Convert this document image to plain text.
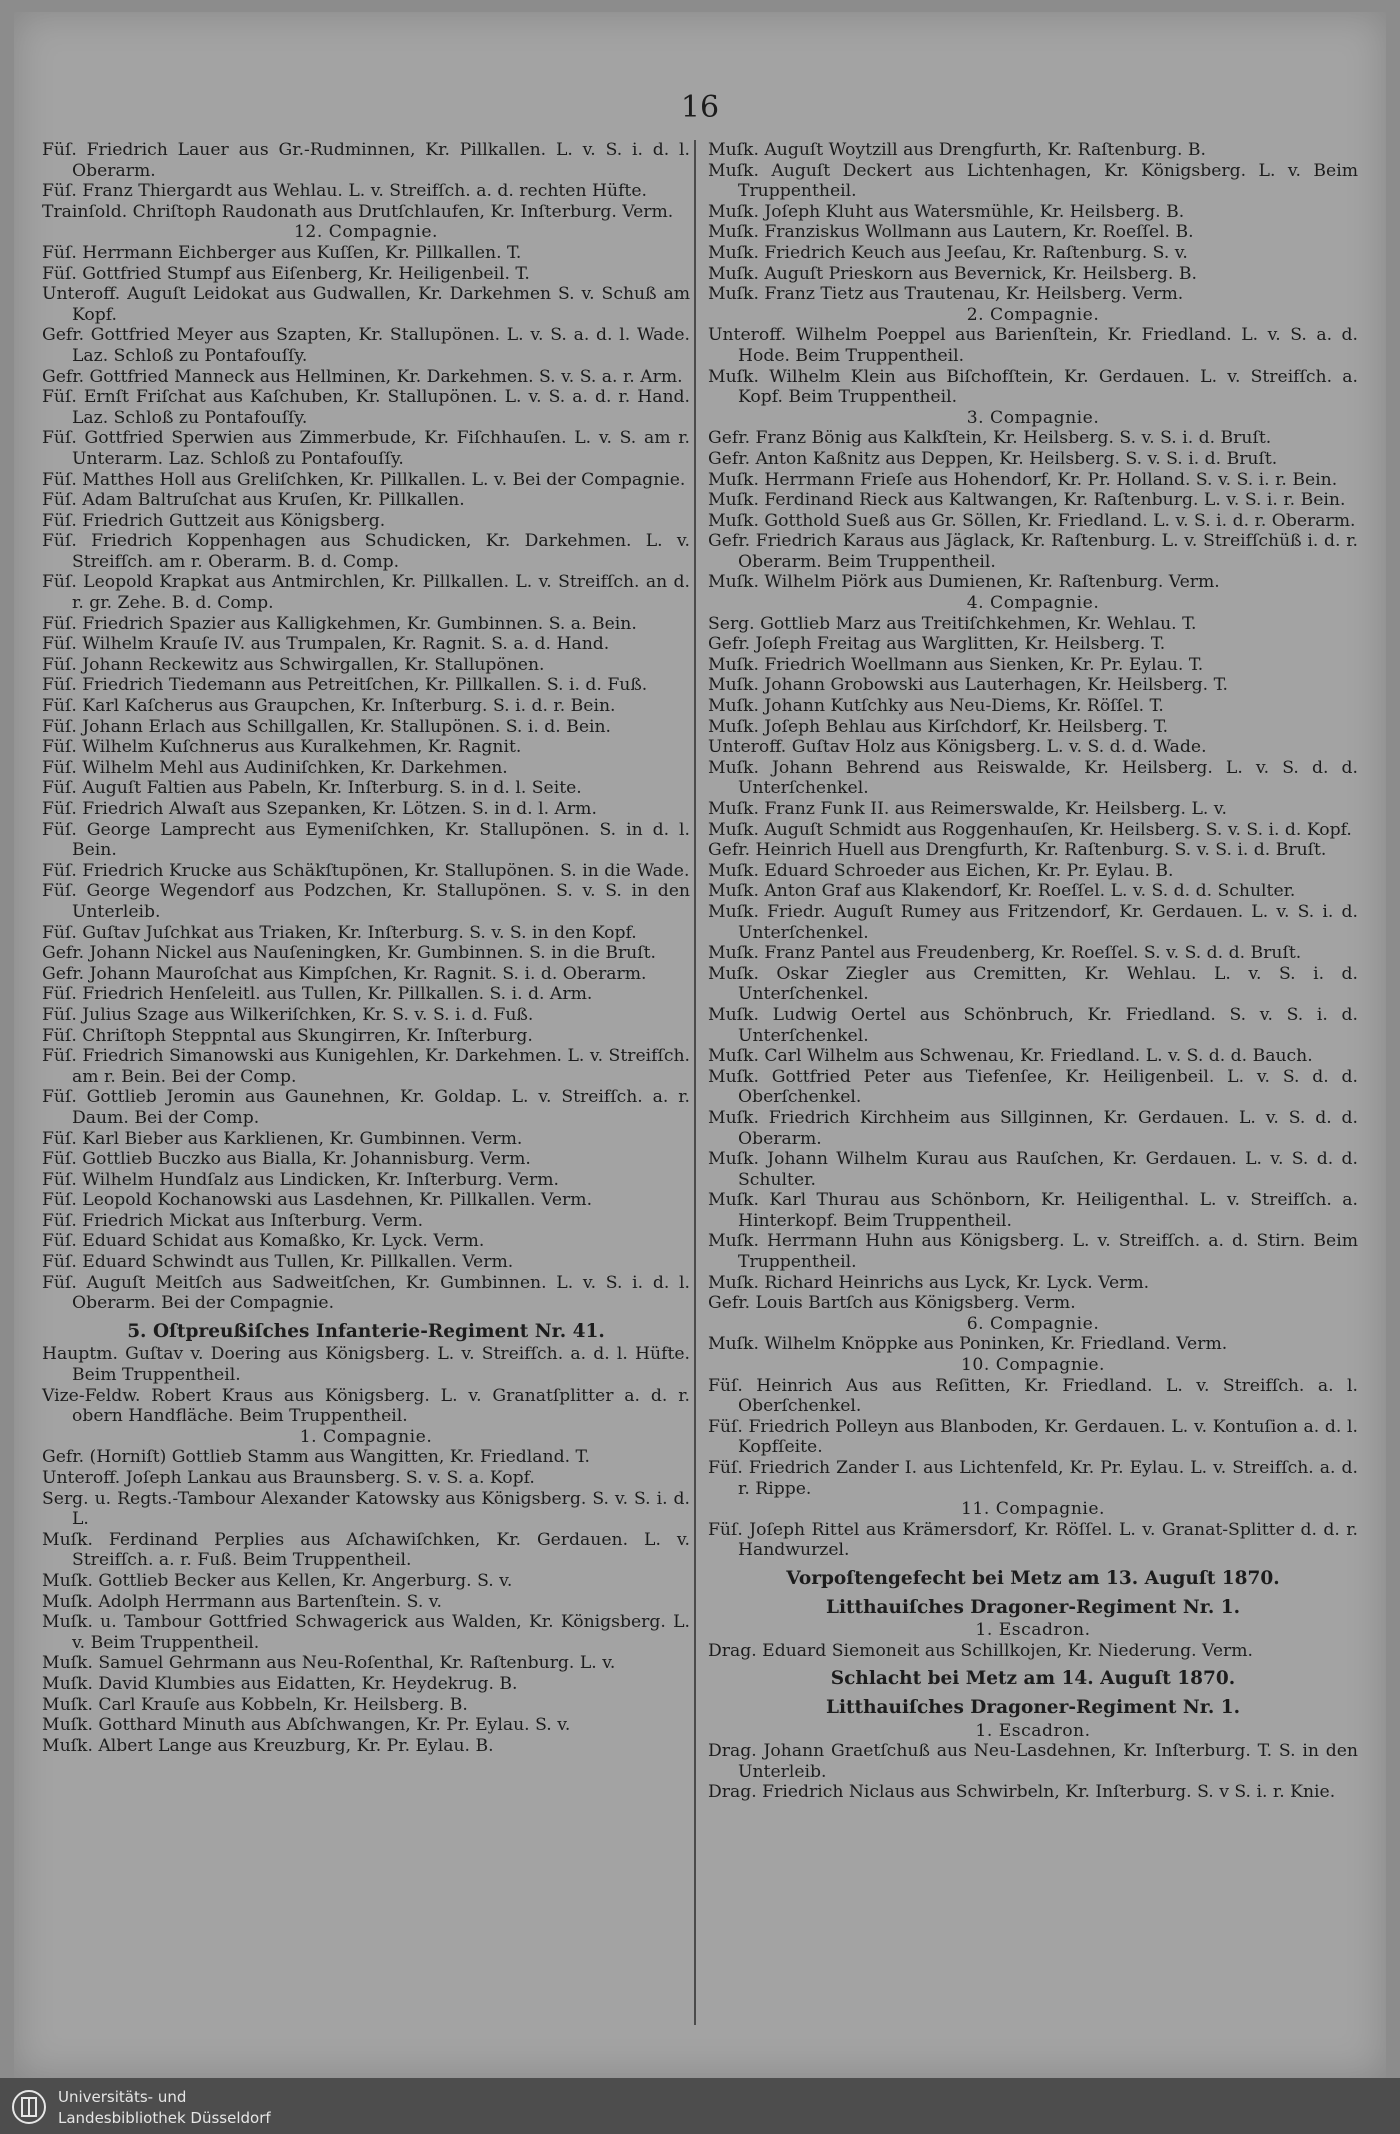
16
Füſ. Friedrich Lauer aus Gr.-Rudminnen, Kr. Pillkallen. L. v. S. i. d. l. Oberarm.
Füſ. Franz Thiergardt aus Wehlau. L. v. Streifſch. a. d. rechten Hüfte.
Trainſold. Chriſtoph Raudonath aus Drutſchlaufen, Kr. Inſterburg. Verm.
12. Compagnie.
Füſ. Herrmann Eichberger aus Kuſſen, Kr. Pillkallen. T.
Füſ. Gottfried Stumpf aus Eiſenberg, Kr. Heiligenbeil. T.
Unteroff. Auguſt Leidokat aus Gudwallen, Kr. Darkehmen S. v. Schuß am Kopf.
Gefr. Gottfried Meyer aus Szapten, Kr. Stallupönen. L. v. S. a. d. l. Wade. Laz. Schloß zu Pontafouſſy.
Gefr. Gottfried Manneck aus Hellminen, Kr. Darkehmen. S. v. S. a. r. Arm.
Füſ. Ernſt Friſchat aus Kaſchuben, Kr. Stallupönen. L. v. S. a. d. r. Hand. Laz. Schloß zu Pontafouſſy.
Füſ. Gottfried Sperwien aus Zimmerbude, Kr. Fiſchhauſen. L. v. S. am r. Unterarm. Laz. Schloß zu Pontafouſſy.
Füſ. Matthes Holl aus Greliſchken, Kr. Pillkallen. L. v. Bei der Compagnie.
Füſ. Adam Baltruſchat aus Kruſen, Kr. Pillkallen.
Füſ. Friedrich Guttzeit aus Königsberg.
Füſ. Friedrich Koppenhagen aus Schudicken, Kr. Darkehmen. L. v. Streifſch. am r. Oberarm. B. d. Comp.
Füſ. Leopold Krapkat aus Antmirchlen, Kr. Pillkallen. L. v. Streifſch. an d. r. gr. Zehe. B. d. Comp.
Füſ. Friedrich Spazier aus Kalligkehmen, Kr. Gumbinnen. S. a. Bein.
Füſ. Wilhelm Krauſe IV. aus Trumpalen, Kr. Ragnit. S. a. d. Hand.
Füſ. Johann Reckewitz aus Schwirgallen, Kr. Stallupönen.
Füſ. Friedrich Tiedemann aus Petreitſchen, Kr. Pillkallen. S. i. d. Fuß.
Füſ. Karl Kaſcherus aus Graupchen, Kr. Inſterburg. S. i. d. r. Bein.
Füſ. Johann Erlach aus Schillgallen, Kr. Stallupönen. S. i. d. Bein.
Füſ. Wilhelm Kuſchnerus aus Kuralkehmen, Kr. Ragnit.
Füſ. Wilhelm Mehl aus Audiniſchken, Kr. Darkehmen.
Füſ. Auguſt Faltien aus Pabeln, Kr. Inſterburg. S. in d. l. Seite.
Füſ. Friedrich Alwaſt aus Szepanken, Kr. Lötzen. S. in d. l. Arm.
Füſ. George Lamprecht aus Eymeniſchken, Kr. Stallupönen. S. in d. l. Bein.
Füſ. Friedrich Krucke aus Schäkſtupönen, Kr. Stallupönen. S. in die Wade.
Füſ. George Wegendorf aus Podzchen, Kr. Stallupönen. S. v. S. in den Unterleib.
Füſ. Guſtav Juſchkat aus Triaken, Kr. Inſterburg. S. v. S. in den Kopf.
Gefr. Johann Nickel aus Nauſeningken, Kr. Gumbinnen. S. in die Bruſt.
Gefr. Johann Mauroſchat aus Kimpſchen, Kr. Ragnit. S. i. d. Oberarm.
Füſ. Friedrich Henſeleitl. aus Tullen, Kr. Pillkallen. S. i. d. Arm.
Füſ. Julius Szage aus Wilkeriſchken, Kr. S. v. S. i. d. Fuß.
Füſ. Chriſtoph Steppntal aus Skungirren, Kr. Inſterburg.
Füſ. Friedrich Simanowski aus Kunigehlen, Kr. Darkehmen. L. v. Streifſch. am r. Bein. Bei der Comp.
Füſ. Gottlieb Jeromin aus Gaunehnen, Kr. Goldap. L. v. Streifſch. a. r. Daum. Bei der Comp.
Füſ. Karl Bieber aus Karklienen, Kr. Gumbinnen. Verm.
Füſ. Gottlieb Buczko aus Bialla, Kr. Johannisburg. Verm.
Füſ. Wilhelm Hundſalz aus Lindicken, Kr. Inſterburg. Verm.
Füſ. Leopold Kochanowski aus Lasdehnen, Kr. Pillkallen. Verm.
Füſ. Friedrich Mickat aus Inſterburg. Verm.
Füſ. Eduard Schidat aus Komaßko, Kr. Lyck. Verm.
Füſ. Eduard Schwindt aus Tullen, Kr. Pillkallen. Verm.
Füſ. Auguſt Meitſch aus Sadweitſchen, Kr. Gumbinnen. L. v. S. i. d. l. Oberarm. Bei der Compagnie.
5. Oſtpreußiſches Infanterie-Regiment Nr. 41.
Hauptm. Guſtav v. Doering aus Königsberg. L. v. Streifſch. a. d. l. Hüfte. Beim Truppentheil.
Vize-Feldw. Robert Kraus aus Königsberg. L. v. Granatſplitter a. d. r. obern Handfläche. Beim Truppentheil.
1. Compagnie.
Gefr. (Horniſt) Gottlieb Stamm aus Wangitten, Kr. Friedland. T.
Unteroff. Joſeph Lankau aus Braunsberg. S. v. S. a. Kopf.
Serg. u. Regts.-Tambour Alexander Katowsky aus Königsberg. S. v. S. i. d. L.
Muſk. Ferdinand Perplies aus Aſchawiſchken, Kr. Gerdauen. L. v. Streifſch. a. r. Fuß. Beim Truppentheil.
Muſk. Gottlieb Becker aus Kellen, Kr. Angerburg. S. v.
Muſk. Adolph Herrmann aus Bartenſtein. S. v.
Muſk. u. Tambour Gottfried Schwagerick aus Walden, Kr. Königsberg. L. v. Beim Truppentheil.
Muſk. Samuel Gehrmann aus Neu-Roſenthal, Kr. Raſtenburg. L. v.
Muſk. David Klumbies aus Eidatten, Kr. Heydekrug. B.
Muſk. Carl Krauſe aus Kobbeln, Kr. Heilsberg. B.
Muſk. Gotthard Minuth aus Abſchwangen, Kr. Pr. Eylau. S. v.
Muſk. Albert Lange aus Kreuzburg, Kr. Pr. Eylau. B.
Muſk. Auguſt Woytzill aus Drengfurth, Kr. Raſtenburg. B.
Muſk. Auguſt Deckert aus Lichtenhagen, Kr. Königsberg. L. v. Beim Truppentheil.
Muſk. Joſeph Kluht aus Watersmühle, Kr. Heilsberg. B.
Muſk. Franziskus Wollmann aus Lautern, Kr. Roeſſel. B.
Muſk. Friedrich Keuch aus Jeeſau, Kr. Raſtenburg. S. v.
Muſk. Auguſt Prieskorn aus Bevernick, Kr. Heilsberg. B.
Muſk. Franz Tietz aus Trautenau, Kr. Heilsberg. Verm.
2. Compagnie.
Unteroff. Wilhelm Poeppel aus Barienſtein, Kr. Friedland. L. v. S. a. d. Hode. Beim Truppentheil.
Muſk. Wilhelm Klein aus Biſchofſtein, Kr. Gerdauen. L. v. Streifſch. a. Kopf. Beim Truppentheil.
3. Compagnie.
Gefr. Franz Bönig aus Kalkſtein, Kr. Heilsberg. S. v. S. i. d. Bruſt.
Gefr. Anton Kaßnitz aus Deppen, Kr. Heilsberg. S. v. S. i. d. Bruſt.
Muſk. Herrmann Frieſe aus Hohendorf, Kr. Pr. Holland. S. v. S. i. r. Bein.
Muſk. Ferdinand Rieck aus Kaltwangen, Kr. Raſtenburg. L. v. S. i. r. Bein.
Muſk. Gotthold Sueß aus Gr. Söllen, Kr. Friedland. L. v. S. i. d. r. Oberarm.
Gefr. Friedrich Karaus aus Jäglack, Kr. Raſtenburg. L. v. Streifſchüß i. d. r. Oberarm. Beim Truppentheil.
Muſk. Wilhelm Piörk aus Dumienen, Kr. Raſtenburg. Verm.
4. Compagnie.
Serg. Gottlieb Marz aus Treitiſchkehmen, Kr. Wehlau. T.
Gefr. Joſeph Freitag aus Warglitten, Kr. Heilsberg. T.
Muſk. Friedrich Woellmann aus Sienken, Kr. Pr. Eylau. T.
Muſk. Johann Grobowski aus Lauterhagen, Kr. Heilsberg. T.
Muſk. Johann Kutſchky aus Neu-Diems, Kr. Röſſel. T.
Muſk. Joſeph Behlau aus Kirſchdorf, Kr. Heilsberg. T.
Unteroff. Guſtav Holz aus Königsberg. L. v. S. d. d. Wade.
Muſk. Johann Behrend aus Reiswalde, Kr. Heilsberg. L. v. S. d. d. Unterſchenkel.
Muſk. Franz Funk II. aus Reimerswalde, Kr. Heilsberg. L. v.
Muſk. Auguſt Schmidt aus Roggenhauſen, Kr. Heilsberg. S. v. S. i. d. Kopf.
Gefr. Heinrich Huell aus Drengfurth, Kr. Raſtenburg. S. v. S. i. d. Bruſt.
Muſk. Eduard Schroeder aus Eichen, Kr. Pr. Eylau. B.
Muſk. Anton Graf aus Klakendorf, Kr. Roeſſel. L. v. S. d. d. Schulter.
Muſk. Friedr. Auguſt Rumey aus Fritzendorf, Kr. Gerdauen. L. v. S. i. d. Unterſchenkel.
Muſk. Franz Pantel aus Freudenberg, Kr. Roeſſel. S. v. S. d. d. Bruſt.
Muſk. Oskar Ziegler aus Cremitten, Kr. Wehlau. L. v. S. i. d. Unterſchenkel.
Muſk. Ludwig Oertel aus Schönbruch, Kr. Friedland. S. v. S. i. d. Unterſchenkel.
Muſk. Carl Wilhelm aus Schwenau, Kr. Friedland. L. v. S. d. d. Bauch.
Muſk. Gottfried Peter aus Tiefenſee, Kr. Heiligenbeil. L. v. S. d. d. Oberſchenkel.
Muſk. Friedrich Kirchheim aus Sillginnen, Kr. Gerdauen. L. v. S. d. d. Oberarm.
Muſk. Johann Wilhelm Kurau aus Rauſchen, Kr. Gerdauen. L. v. S. d. d. Schulter.
Muſk. Karl Thurau aus Schönborn, Kr. Heiligenthal. L. v. Streifſch. a. Hinterkopf. Beim Truppentheil.
Muſk. Herrmann Huhn aus Königsberg. L. v. Streifſch. a. d. Stirn. Beim Truppentheil.
Muſk. Richard Heinrichs aus Lyck, Kr. Lyck. Verm.
Gefr. Louis Bartſch aus Königsberg. Verm.
6. Compagnie.
Muſk. Wilhelm Knöppke aus Poninken, Kr. Friedland. Verm.
10. Compagnie.
Füſ. Heinrich Aus aus Reſitten, Kr. Friedland. L. v. Streifſch. a. l. Oberſchenkel.
Füſ. Friedrich Polleyn aus Blanboden, Kr. Gerdauen. L. v. Kontuſion a. d. l. Kopfſeite.
Füſ. Friedrich Zander I. aus Lichtenfeld, Kr. Pr. Eylau. L. v. Streifſch. a. d. r. Rippe.
11. Compagnie.
Füſ. Joſeph Rittel aus Krämersdorf, Kr. Röſſel. L. v. Granat-Splitter d. d. r. Handwurzel.
Vorpoſtengefecht bei Metz am 13. Auguſt 1870.
Litthauiſches Dragoner-Regiment Nr. 1.
1. Escadron.
Drag. Eduard Siemoneit aus Schillkojen, Kr. Niederung. Verm.
Schlacht bei Metz am 14. Auguſt 1870.
Litthauiſches Dragoner-Regiment Nr. 1.
1. Escadron.
Drag. Johann Graetſchuß aus Neu-Lasdehnen, Kr. Inſterburg. T. S. in den Unterleib.
Drag. Friedrich Niclaus aus Schwirbeln, Kr. Inſterburg. S. v S. i. r. Knie.
Universitäts- und
Landesbibliothek Düsseldorf
